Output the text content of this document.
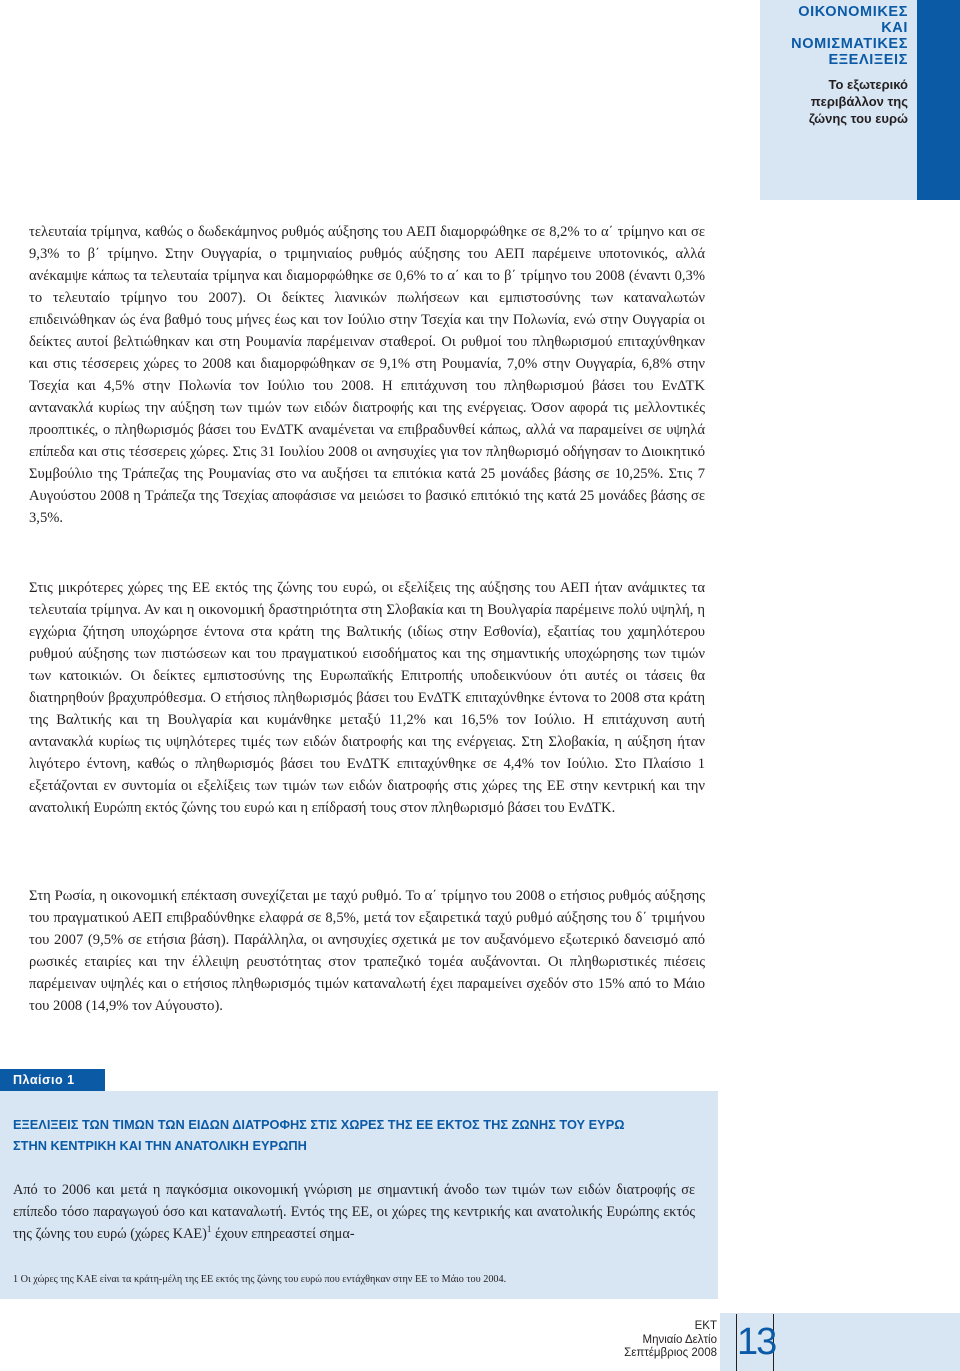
ΟΙΚΟΝΟΜΙΚΕΣ
ΚΑΙ ΝΟΜΙΣΜΑΤΙΚΕΣ
ΕΞΕΛΙΞΕΙΣ
Το εξωτερικό
περιβάλλον της
ζώνης του ευρώ
τελευταία τρίμηνα, καθώς ο δωδεκάμηνος ρυθμός αύξησης του ΑΕΠ διαμορφώθηκε σε 8,2% το α΄ τρίμηνο και σε 9,3% το β΄ τρίμηνο. Στην Ουγγαρία, ο τριμηνιαίος ρυθμός αύξησης του ΑΕΠ παρέμεινε υποτονικός, αλλά ανέκαμψε κάπως τα τελευταία τρίμηνα και διαμορφώθηκε σε 0,6% το α΄ και το β΄ τρίμηνο του 2008 (έναντι 0,3% το τελευταίο τρίμηνο του 2007). Οι δείκτες λιανικών πωλήσεων και εμπιστοσύνης των καταναλωτών επιδεινώθηκαν ώς ένα βαθμό τους μήνες έως και τον Ιούλιο στην Τσεχία και την Πολωνία, ενώ στην Ουγγαρία οι δείκτες αυτοί βελτιώθηκαν και στη Ρουμανία παρέμειναν σταθεροί. Οι ρυθμοί του πληθωρισμού επιταχύνθηκαν και στις τέσσερεις χώρες το 2008 και διαμορφώθηκαν σε 9,1% στη Ρουμανία, 7,0% στην Ουγγαρία, 6,8% στην Τσεχία και 4,5% στην Πολωνία τον Ιούλιο του 2008. Η επιτάχυνση του πληθωρισμού βάσει του ΕνΔΤΚ αντανακλά κυρίως την αύξηση των τιμών των ειδών διατροφής και της ενέργειας. Όσον αφορά τις μελλοντικές προοπτικές, ο πληθωρισμός βάσει του ΕνΔΤΚ αναμένεται να επιβραδυνθεί κάπως, αλλά να παραμείνει σε υψηλά επίπεδα και στις τέσσερεις χώρες. Στις 31 Ιουλίου 2008 οι ανησυχίες για τον πληθωρισμό οδήγησαν το Διοικητικό Συμβούλιο της Τράπεζας της Ρουμανίας στο να αυξήσει τα επιτόκια κατά 25 μονάδες βάσης σε 10,25%. Στις 7 Αυγούστου 2008 η Τράπεζα της Τσεχίας αποφάσισε να μειώσει το βασικό επιτόκιό της κατά 25 μονάδες βάσης σε 3,5%.
Στις μικρότερες χώρες της ΕΕ εκτός της ζώνης του ευρώ, οι εξελίξεις της αύξησης του ΑΕΠ ήταν ανάμικτες τα τελευταία τρίμηνα. Αν και η οικονομική δραστηριότητα στη Σλοβακία και τη Βουλγαρία παρέμεινε πολύ υψηλή, η εγχώρια ζήτηση υποχώρησε έντονα στα κράτη της Βαλτικής (ιδίως στην Εσθονία), εξαιτίας του χαμηλότερου ρυθμού αύξησης των πιστώσεων και του πραγματικού εισοδήματος και της σημαντικής υποχώρησης των τιμών των κατοικιών. Οι δείκτες εμπιστοσύνης της Ευρωπαϊκής Επιτροπής υποδεικνύουν ότι αυτές οι τάσεις θα διατηρηθούν βραχυπρόθεσμα. Ο ετήσιος πληθωρισμός βάσει του ΕνΔΤΚ επιταχύνθηκε έντονα το 2008 στα κράτη της Βαλτικής και τη Βουλγαρία και κυμάνθηκε μεταξύ 11,2% και 16,5% τον Ιούλιο. Η επιτάχυνση αυτή αντανακλά κυρίως τις υψηλότερες τιμές των ειδών διατροφής και της ενέργειας. Στη Σλοβακία, η αύξηση ήταν λιγότερο έντονη, καθώς ο πληθωρισμός βάσει του ΕνΔΤΚ επιταχύνθηκε σε 4,4% τον Ιούλιο. Στο Πλαίσιο 1 εξετάζονται εν συντομία οι εξελίξεις των τιμών των ειδών διατροφής στις χώρες της ΕΕ στην κεντρική και την ανατολική Ευρώπη εκτός ζώνης του ευρώ και η επίδρασή τους στον πληθωρισμό βάσει του ΕνΔΤΚ.
Στη Ρωσία, η οικονομική επέκταση συνεχίζεται με ταχύ ρυθμό. Το α΄ τρίμηνο του 2008 ο ετήσιος ρυθμός αύξησης του πραγματικού ΑΕΠ επιβραδύνθηκε ελαφρά σε 8,5%, μετά τον εξαιρετικά ταχύ ρυθμό αύξησης του δ΄ τριμήνου του 2007 (9,5% σε ετήσια βάση). Παράλληλα, οι ανησυχίες σχετικά με τον αυξανόμενο εξωτερικό δανεισμό από ρωσικές εταιρίες και την έλλειψη ρευστότητας στον τραπεζικό τομέα αυξάνονται. Οι πληθωριστικές πιέσεις παρέμειναν υψηλές και ο ετήσιος πληθωρισμός τιμών καταναλωτή έχει παραμείνει σχεδόν στο 15% από το Μάιο του 2008 (14,9% τον Αύγουστο).
Πλαίσιο 1
ΕΞΕΛΙΞΕΙΣ ΤΩΝ ΤΙΜΩΝ ΤΩΝ ΕΙΔΩΝ ΔΙΑΤΡΟΦΗΣ ΣΤΙΣ ΧΩΡΕΣ ΤΗΣ ΕΕ ΕΚΤΟΣ ΤΗΣ ΖΩΝΗΣ ΤΟΥ ΕΥΡΩ
ΣΤΗΝ ΚΕΝΤΡΙΚΗ ΚΑΙ ΤΗΝ ΑΝΑΤΟΛΙΚΗ ΕΥΡΩΠΗ
Από το 2006 και μετά η παγκόσμια οικονομική γνώριση με σημαντική άνοδο των τιμών των ειδών διατροφής σε επίπεδο τόσο παραγωγού όσο και καταναλωτή. Εντός της ΕΕ, οι χώρες της κεντρικής και ανατολικής Ευρώπης εκτός της ζώνης του ευρώ (χώρες ΚΑΕ)$^1$ έχουν επηρεαστεί σημα-
1 Οι χώρες της ΚΑΕ είναι τα κράτη-μέλη της ΕΕ εκτός της ζώνης του ευρώ που εντάχθηκαν στην ΕΕ το Μάιο του 2004.
ΕΚΤ
Μηνιαίο Δελτίο
Σεπτέμβριος 2008 13
